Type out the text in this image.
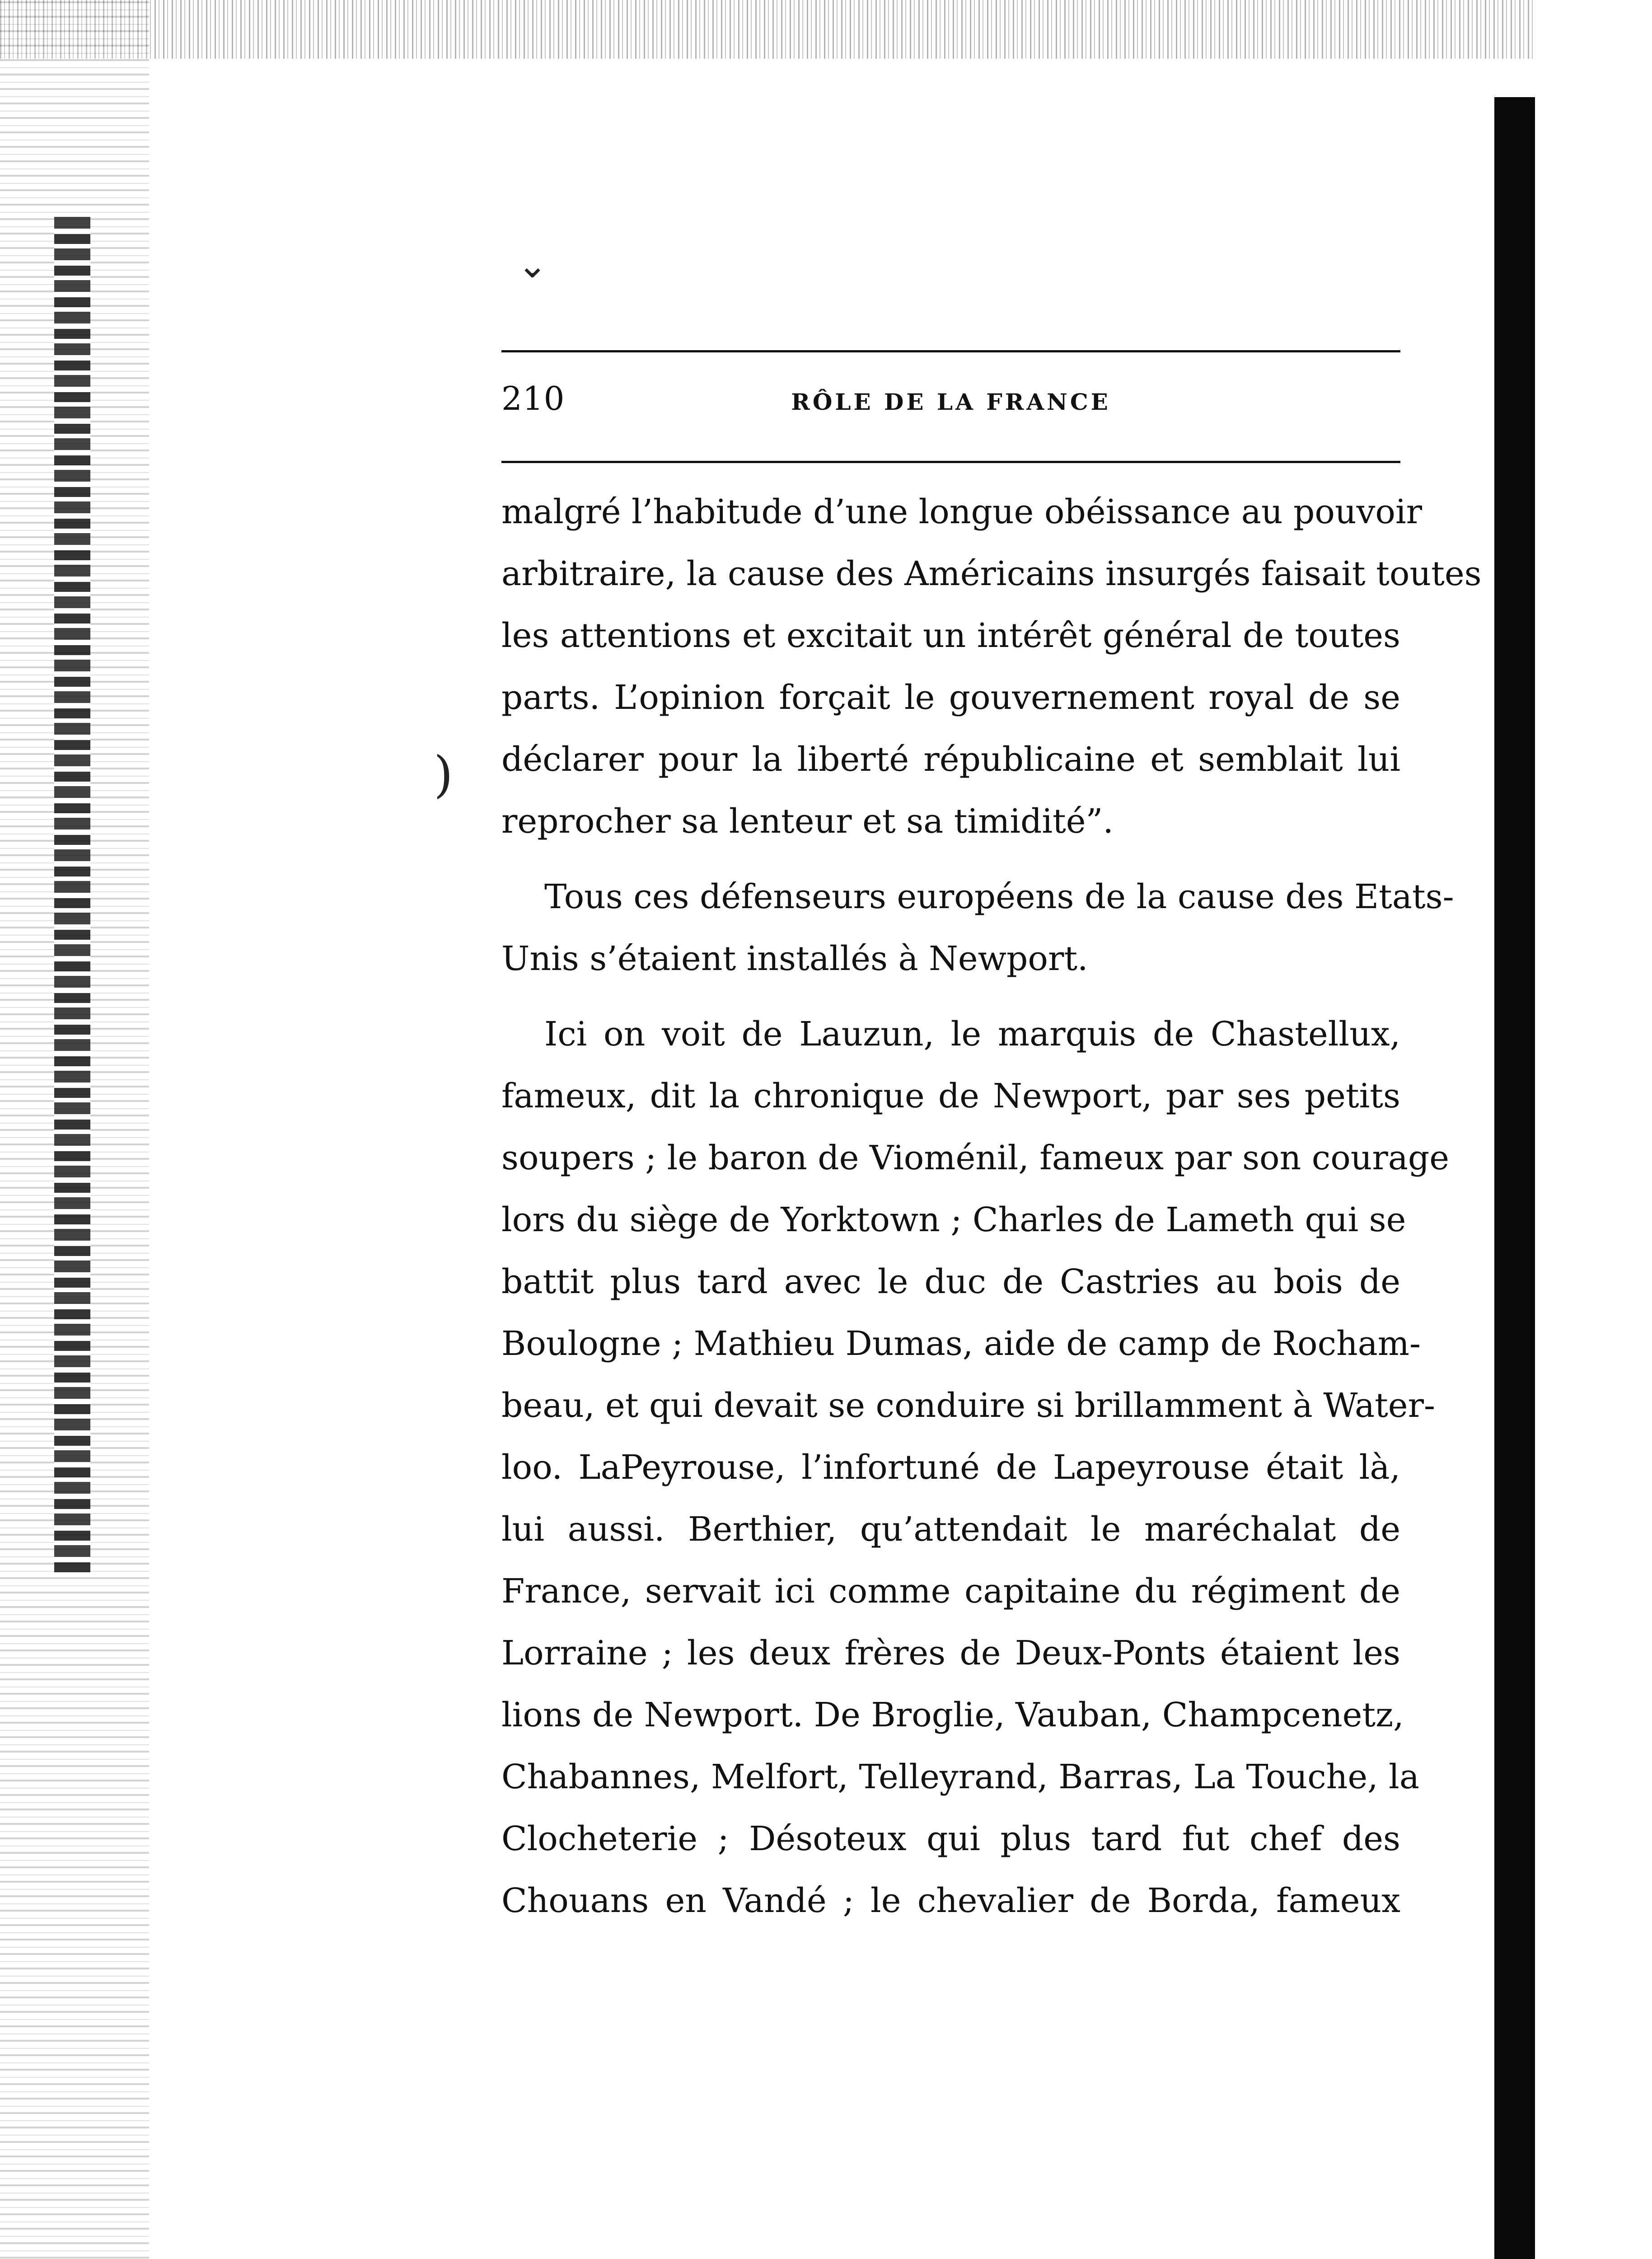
⌄
)
210	RÔLE DE LA FRANCE

malgré l’habitude d’une longue obéissance au pouvoir
arbitraire, la cause des Américains insurgés faisait toutes
les attentions et excitait un intérêt général de toutes
parts. L’opinion forçait le gouvernement royal de se
déclarer pour la liberté républicaine et semblait lui
reprocher sa lenteur et sa timidité”.

Tous ces défenseurs européens de la cause des Etats-
Unis s’étaient installés à Newport.

Ici on voit de Lauzun, le marquis de Chastellux,
fameux, dit la chronique de Newport, par ses petits
soupers ; le baron de Vioménil, fameux par son courage
lors du siège de Yorktown ; Charles de Lameth qui se
battit plus tard avec le duc de Castries au bois de
Boulogne ; Mathieu Dumas, aide de camp de Rocham-
beau, et qui devait se conduire si brillamment à Water-
loo. LaPeyrouse, l’infortuné de Lapeyrouse était là,
lui aussi. Berthier, qu’attendait le maréchalat de
France, servait ici comme capitaine du régiment de
Lorraine ; les deux frères de Deux-Ponts étaient les
lions de Newport. De Broglie, Vauban, Champcenetz,
Chabannes, Melfort, Telleyrand, Barras, La Touche, la
Clocheterie ; Désoteux qui plus tard fut chef des
Chouans en Vandé ; le chevalier de Borda, fameux
